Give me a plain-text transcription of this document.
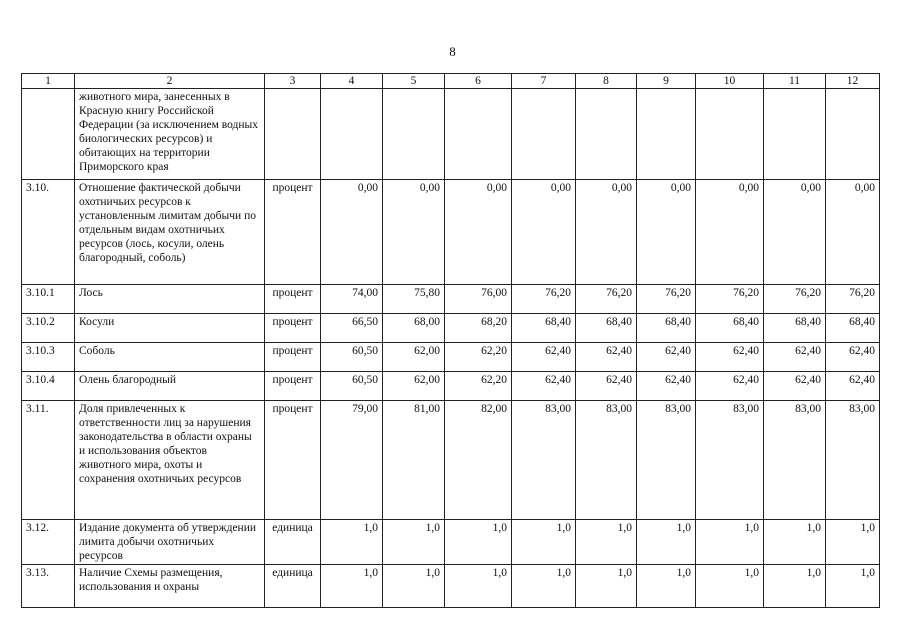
8
1	2	3	4	5	6	7	8	9	10	11	12
	животного мира, занесенных в Красную книгу Российской Федерации (за исключением водных биологических ресурсов) и обитающих на территории Приморского края										
3.10.	Отношение фактической добычи охотничьих ресурсов к установленным лимитам добычи по отдельным видам охотничьих ресурсов (лось, косули, олень благородный, соболь)	процент	0,00	0,00	0,00	0,00	0,00	0,00	0,00	0,00	0,00
3.10.1	Лось	процент	74,00	75,80	76,00	76,20	76,20	76,20	76,20	76,20	76,20
3.10.2	Косули	процент	66,50	68,00	68,20	68,40	68,40	68,40	68,40	68,40	68,40
3.10.3	Соболь	процент	60,50	62,00	62,20	62,40	62,40	62,40	62,40	62,40	62,40
3.10.4	Олень благородный	процент	60,50	62,00	62,20	62,40	62,40	62,40	62,40	62,40	62,40
3.11.	Доля привлеченных к ответственности лиц за нарушения законодательства в области охраны и использования объектов животного мира, охоты и сохранения охотничьих ресурсов	процент	79,00	81,00	82,00	83,00	83,00	83,00	83,00	83,00	83,00
3.12.	Издание документа об утверждении лимита добычи охотничьих ресурсов	единица	1,0	1,0	1,0	1,0	1,0	1,0	1,0	1,0	1,0
3.13.	Наличие Схемы размещения, использования и охраны	единица	1,0	1,0	1,0	1,0	1,0	1,0	1,0	1,0	1,0
